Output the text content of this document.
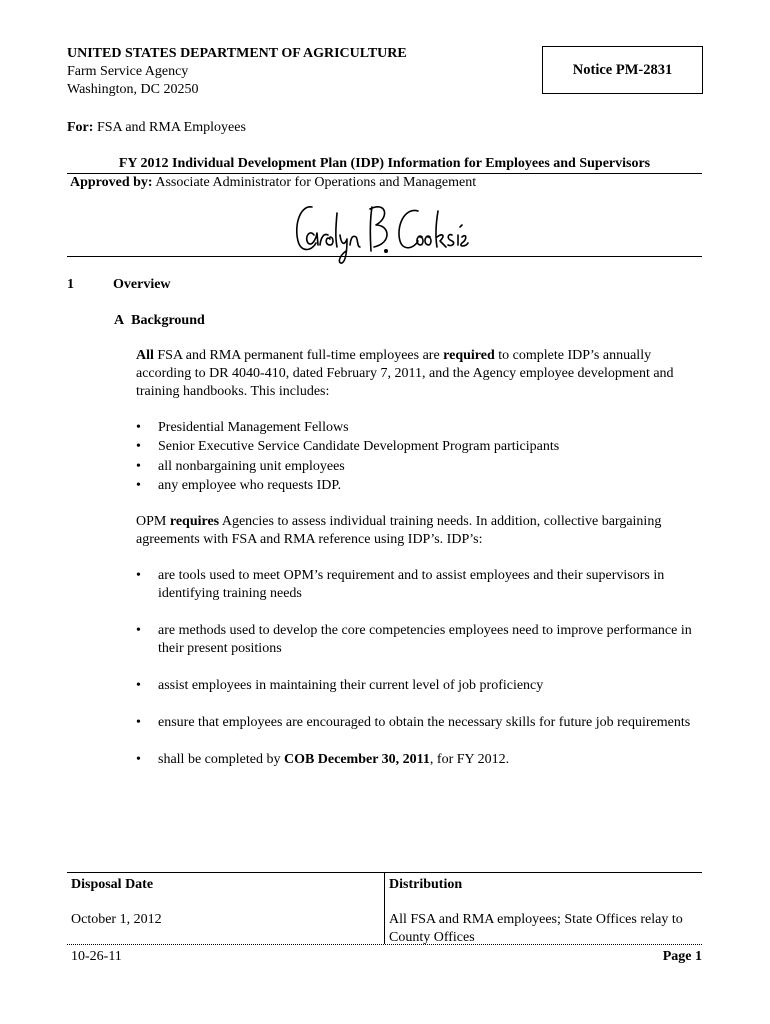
UNITED STATES DEPARTMENT OF AGRICULTURE
Farm Service Agency
Washington, DC 20250
Notice PM-2831
For: FSA and RMA Employees
FY 2012 Individual Development Plan (IDP) Information for Employees and Supervisors
Approved by: Associate Administrator for Operations and Management
1	Overview
A Background
All FSA and RMA permanent full-time employees are required to complete IDP’s annually according to DR 4040-410, dated February 7, 2011, and the Agency employee development and training handbooks. This includes:
• Presidential Management Fellows
• Senior Executive Service Candidate Development Program participants
• all nonbargaining unit employees
• any employee who requests IDP.
OPM requires Agencies to assess individual training needs. In addition, collective bargaining agreements with FSA and RMA reference using IDP’s. IDP’s:
• are tools used to meet OPM’s requirement and to assist employees and their supervisors in identifying training needs
• are methods used to develop the core competencies employees need to improve performance in their present positions
• assist employees in maintaining their current level of job proficiency
• ensure that employees are encouraged to obtain the necessary skills for future job requirements
• shall be completed by COB December 30, 2011, for FY 2012.
Disposal Date
October 1, 2012
Distribution
All FSA and RMA employees; State Offices relay to County Offices
10-26-11	Page 1
